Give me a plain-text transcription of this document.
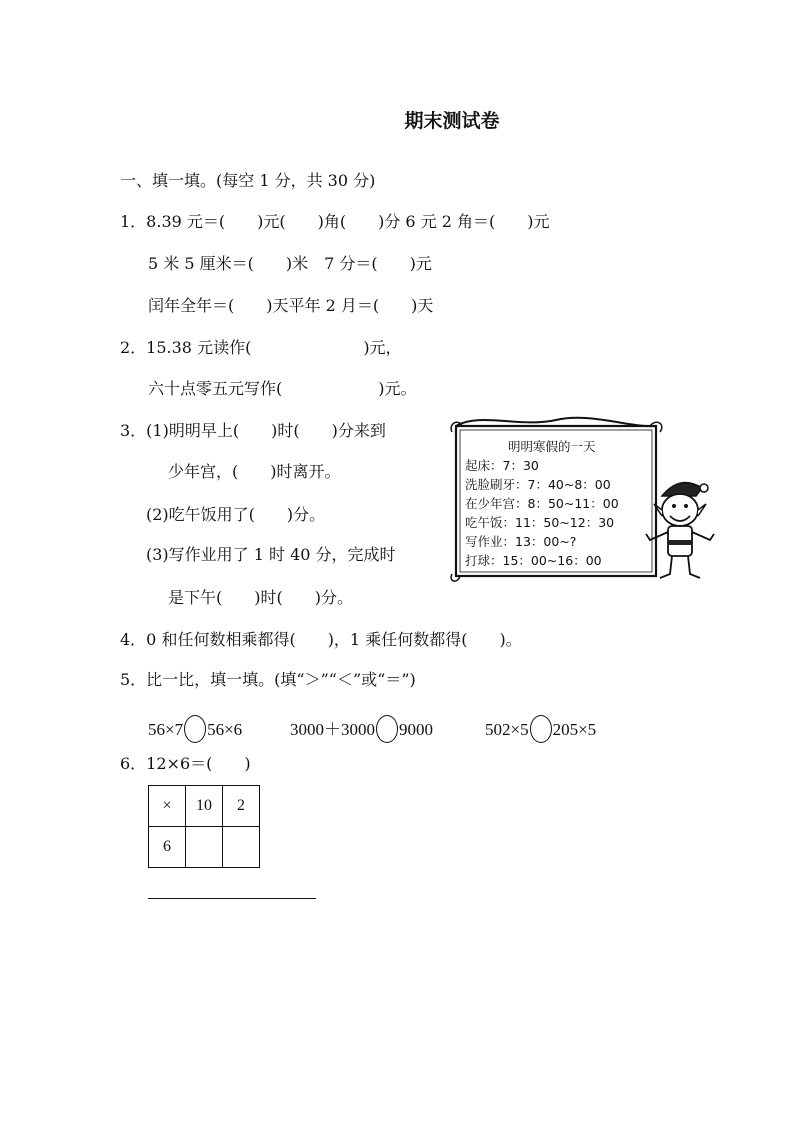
期末测试卷
一、填一填。(每空 1 分，共 30 分)
1．8.39 元＝(　　)元(　　)角(　　)分 6 元 2 角＝(　　)元
5 米 5 厘米＝(　　)米　7 分＝(　　)元
闰年全年＝(　　)天平年 2 月＝(　　)天
2．15.38 元读作(　　　　　　　)元，
六十点零五元写作(　　　　　　)元。
3．(1)明明早上(　　)时(　　)分来到
少年宫，(　　)时离开。
(2)吃午饭用了(　　)分。
(3)写作业用了 1 时 40 分，完成时
是下午(　　)时(　　)分。
明明寒假的一天
起床：7：30
洗脸刷牙：7：40~8：00
在少年宫：8：50~11：00
吃午饭：11：50~12：30
写作业：13：00~?
打球：15：00~16：00
4．0 和任何数相乘都得(　　)，1 乘任何数都得(　　)。
5．比一比，填一填。(填“＞”“＜”或“＝”)
56×7 56×6	3000＋3000 9000	502×5 205×5
6．12×6＝(　　)
×	10	2
6		
